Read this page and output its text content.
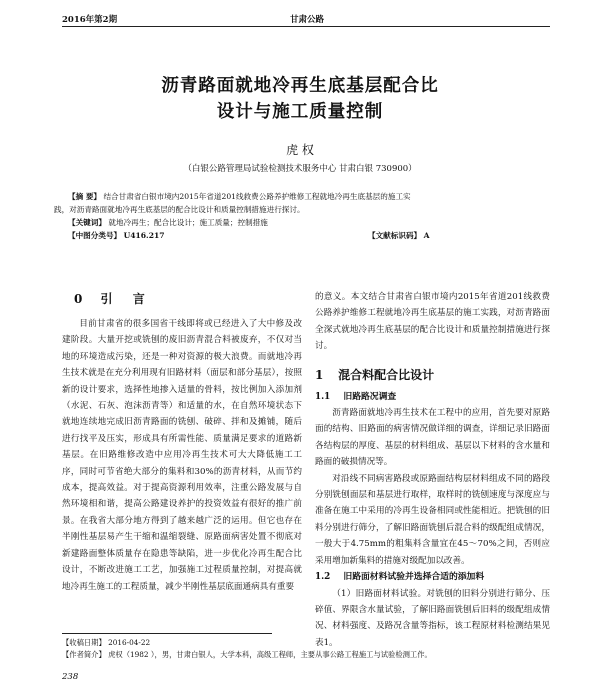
2016年第2期	甘肃公路
沥青路面就地冷再生底基层配合比
设计与施工质量控制
虎 权
（白银公路管理局试验检测技术服务中心 甘肃白银 730900）
【摘 要】 结合甘肃省白银市境内2015年省道201线救费公路养护维修工程就地冷再生底基层的施工实
践，对沥青路面就地冷再生底基层的配合比设计和质量控制措施进行探讨。
【关键词】 就地冷再生；配合比设计；施工质量；控制措施
【中图分类号】 U416.217	【文献标识码】 A
0 引 言

目前甘肃省的很多国省干线即将或已经进入了大中修及改建阶段。大量开挖或铣刨的废旧沥青混合料被废弃，不仅对当地的环境造成污染，还是一种对资源的极大浪费。而就地冷再生技术就是在充分利用现有旧路材料（面层和部分基层），按照新的设计要求，选择性地掺入适量的骨料，按比例加入添加剂（水泥、石灰、泡沫沥青等）和适量的水，在自然环境状态下就地连续地完成旧沥青路面的铣刨、破碎、拌和及摊铺，随后进行找平及压实，形成具有所需性能、质量满足要求的道路新基层。在旧路维修改造中应用冷再生技术可大大降低施工工序，同时可节省绝大部分的集料和30%的沥青材料，从而节约成本，提高效益。对于提高资源利用效率，注重公路发展与自然环境相和谐，提高公路建设养护的投资效益有很好的推广前景。在我省大部分地方得到了越来越广泛的运用。但它也存在半刚性基层易产生干缩和温缩裂缝、原路面病害处置不彻底对新建路面整体质量存在隐患等缺陷，进一步优化冷再生配合比设计，不断改进施工工艺，加强施工过程质量控制，对提高就地冷再生施工的工程质量，减少半刚性基层底面通病具有重要

的意义。本文结合甘肃省白银市境内2015年省道201线救费公路养护维修工程就地冷再生底基层的施工实践，对沥青路面全深式就地冷再生底基层的配合比设计和质量控制措施进行探讨。

1 混合料配合比设计
1.1 旧路路况调查

沥青路面就地冷再生技术在工程中的应用，首先要对原路面的结构、旧路面的病害情况做详细的调查，详细记录旧路面各结构层的厚度、基层的材料组成、基层以下材料的含水量和路面的破损情况等。

对沿线不同病害路段或原路面结构层材料组成不同的路段分别铣刨面层和基层进行取样，取样时的铣刨速度与深度应与准备在施工中采用的冷再生设备相同或性能相近。把铣刨的旧料分别进行筛分，了解旧路面铣刨后混合料的级配组成情况，一般大于4.75mm的粗集料含量宜在45～70%之间，否则应采用增加新集料的措施对级配加以改善。

1.2 旧路面材料试验并选择合适的添加料

（1）旧路面材料试验。对铣刨的旧料分别进行筛分、压碎值、界限含水量试验，了解旧路面铣刨后旧料的级配组成情况、材料强度、及路况含量等指标，该工程原材料检测结果见表1。

【收稿日期】 2016-04-22
【作者简介】 虎权（1982 ），男，甘肃白银人，大学本科，高级工程师，主要从事公路工程施工与试验检测工作。
238
